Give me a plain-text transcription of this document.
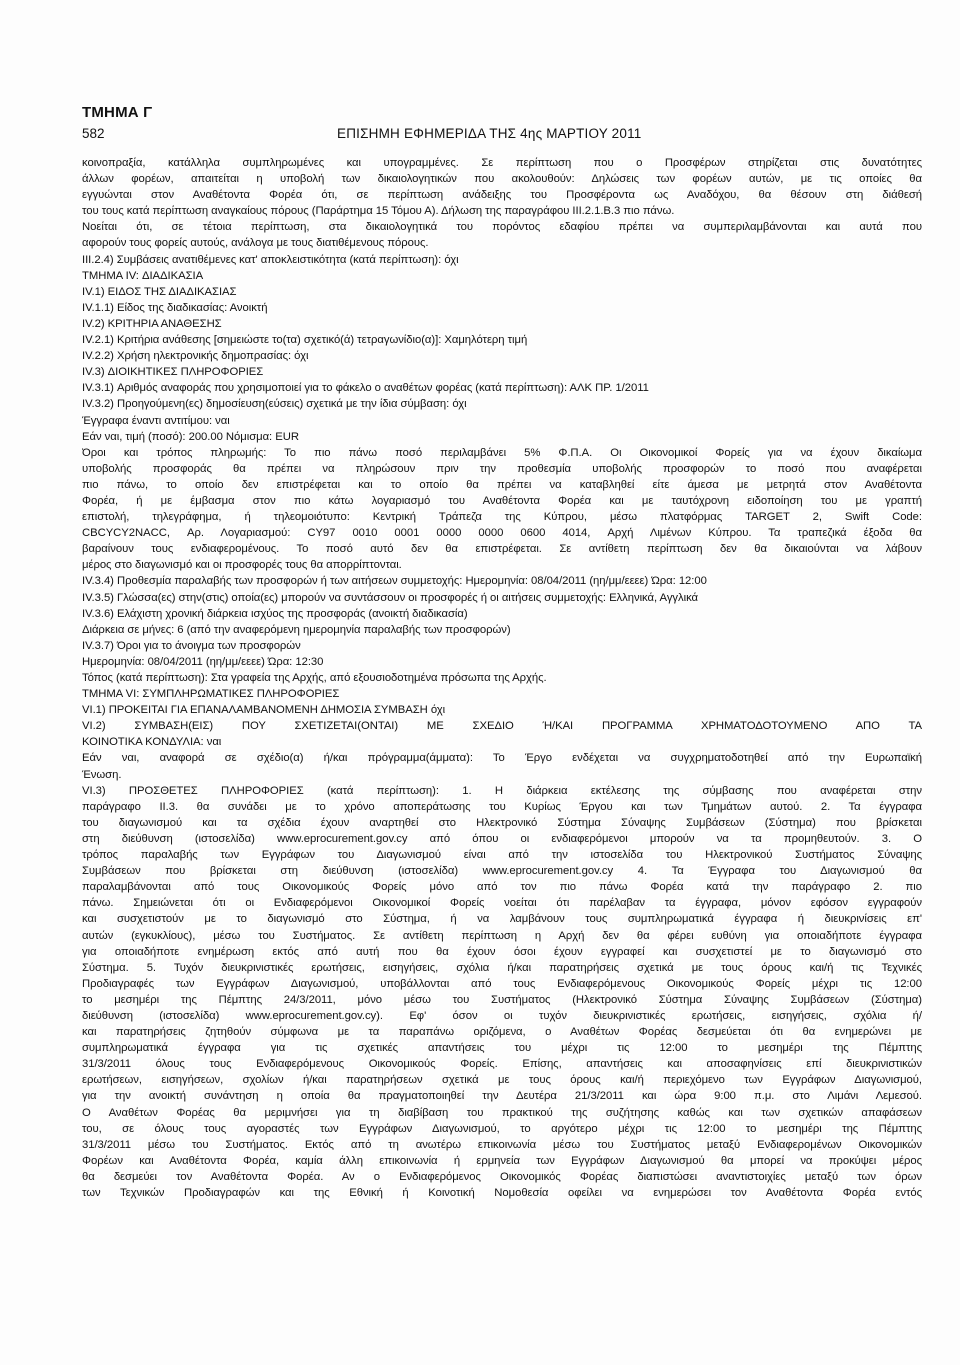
ΤΜΗΜΑ Γ
582	ΕΠΙΣΗΜΗ ΕΦΗΜΕΡΙΔΑ ΤΗΣ 4ης ΜΑΡΤΙΟΥ 2011
κοινοπραξία, κατάλληλα συμπληρωμένες και υπογραμμένες. Σε περίπτωση που ο Προσφέρων στηρίζεται στις δυνατότητες
άλλων φορέων, απαιτείται η υποβολή των δικαιολογητικών που ακολουθούν: Δηλώσεις των φορέων αυτών, με τις οποίες θα
εγγυώνται στον Αναθέτοντα Φορέα ότι, σε περίπτωση ανάδειξης του Προσφέροντα ως Αναδόχου, θα θέσουν στη διάθεσή
του τους κατά περίπτωση αναγκαίους πόρους (Παράρτημα 15 Τόμου Α). Δήλωση της παραγράφου ΙΙΙ.2.1.Β.3 πιο πάνω.
Νοείται ότι, σε τέτοια περίπτωση, στα δικαιολογητικά του πορόντος εδαφίου πρέπει να συμπεριλαμβάνονται και αυτά που
αφορούν τους φορείς αυτούς, ανάλογα με τους διατιθέμενους πόρους.
ΙΙΙ.2.4) Συμβάσεις ανατιθέμενες κατ' αποκλειστικότητα (κατά περίπτωση): όχι
ΤΜΗΜΑ IV: ΔΙΑΔΙΚΑΣΙΑ
IV.1) ΕΙΔΟΣ ΤΗΣ ΔΙΑΔΙΚΑΣΙΑΣ
IV.1.1) Είδος της διαδικασίας: Ανοικτή
IV.2) ΚΡΙΤΗΡΙΑ ΑΝΑΘΕΣΗΣ
IV.2.1) Κριτήρια ανάθεσης [σημειώστε το(τα) σχετικό(ά) τετραγωνίδιο(α)]: Χαμηλότερη τιμή
IV.2.2) Χρήση ηλεκτρονικής δημοπρασίας: όχι
IV.3) ΔΙΟΙΚΗΤΙΚΕΣ ΠΛΗΡΟΦΟΡΙΕΣ
IV.3.1) Αριθμός αναφοράς που χρησιμοποιεί για το φάκελο ο αναθέτων φορέας (κατά περίπτωση): ΑΛΚ ΠΡ. 1/2011
IV.3.2) Προηγούμενη(ες) δημοσίευση(εύσεις) σχετικά με την ίδια σύμβαση: όχι
Έγγραφα έναντι αντιτίμου: ναι
Εάν ναι, τιμή (ποσό): 200.00 Νόμισμα: EUR
Όροι και τρόπος πληρωμής: Το πιο πάνω ποσό περιλαμβάνει 5% Φ.Π.Α. Οι Οικονομικοί Φορείς για να έχουν δικαίωμα
υποβολής προσφοράς θα πρέπει να πληρώσουν πριν την προθεσμία υποβολής προσφορών το ποσό που αναφέρεται
πιο πάνω, το οποίο δεν επιστρέφεται και το οποίο θα πρέπει να καταβληθεί είτε άμεσα με μετρητά στον Αναθέτοντα
Φορέα, ή με έμβασμα στον πιο κάτω λογαριασμό του Αναθέτοντα Φορέα και με ταυτόχρονη ειδοποίηση του με γραπτή
επιστολή, τηλεγράφημα, ή τηλεομοιότυπο: Κεντρική Τράπεζα της Κύπρου, μέσω πλατφόρμας TARGET 2, Swift Code:
CBCYCY2NACC, Αρ. Λογαριασμού: CY97 0010 0001 0000 0000 0600 4014, Αρχή Λιμένων Κύπρου. Τα τραπεζικά έξοδα θα
βαραίνουν τους ενδιαφερομένους. Το ποσό αυτό δεν θα επιστρέφεται. Σε αντίθετη περίπτωση δεν θα δικαιούνται να λάβουν
μέρος στο διαγωνισμό και οι προσφορές τους θα απορρίπτονται.
IV.3.4) Προθεσμία παραλαβής των προσφορών ή των αιτήσεων συμμετοχής: Ημερομηνία: 08/04/2011 (ηη/μμ/εεεε) Ώρα: 12:00
IV.3.5) Γλώσσα(ες) στην(στις) οποία(ες) μπορούν να συντάσσουν οι προσφορές ή οι αιτήσεις συμμετοχής: Ελληνικά, Αγγλικά
IV.3.6) Ελάχιστη χρονική διάρκεια ισχύος της προσφοράς (ανοικτή διαδικασία)
Διάρκεια σε μήνες: 6 (από την αναφερόμενη ημερομηνία παραλαβής των προσφορών)
IV.3.7) Όροι για το άνοιγμα των προσφορών
Ημερομηνία: 08/04/2011 (ηη/μμ/εεεε) Ώρα: 12:30
Τόπος (κατά περίπτωση): Στα γραφεία της Αρχής, από εξουσιοδοτημένα πρόσωπα της Αρχής.
ΤΜΗΜΑ VI: ΣΥΜΠΛΗΡΩΜΑΤΙΚΕΣ ΠΛΗΡΟΦΟΡΙΕΣ
VI.1) ΠΡΟΚΕΙΤΑΙ ΓΙΑ ΕΠΑΝΑΛΑΜΒΑΝΟΜΕΝΗ ΔΗΜΟΣΙΑ ΣΥΜΒΑΣΗ όχι
VI.2) ΣΥΜΒΑΣΗ(ΕΙΣ) ΠΟΥ ΣΧΕΤΙΖΕΤΑΙ(ΟΝΤΑΙ) ΜΕ ΣΧΕΔΙΟ Ή/ΚΑΙ ΠΡΟΓΡΑΜΜΑ ΧΡΗΜΑΤΟΔΟΤΟΥΜΕΝΟ ΑΠΟ ΤΑ
ΚΟΙΝΟΤΙΚΑ ΚΟΝΔΥΛΙΑ: ναι
Εάν ναι, αναφορά σε σχέδιο(α) ή/και πρόγραμμα(άμματα): Το Έργο ενδέχεται να συγχρηματοδοτηθεί από την Ευρωπαϊκή
Ένωση.
VI.3) ΠΡΟΣΘΕΤΕΣ ΠΛΗΡΟΦΟΡΙΕΣ (κατά περίπτωση): 1. Η διάρκεια εκτέλεσης της σύμβασης που αναφέρεται στην
παράγραφο ΙΙ.3. θα συνάδει με το χρόνο αποπεράτωσης του Κυρίως Έργου και των Τμημάτων αυτού. 2. Τα έγγραφα
του διαγωνισμού και τα σχέδια έχουν αναρτηθεί στο Ηλεκτρονικό Σύστημα Σύναψης Συμβάσεων (Σύστημα) που βρίσκεται
στη διεύθυνση (ιστοσελίδα) www.eprocurement.gov.cy από όπου οι ενδιαφερόμενοι μπορούν να τα προμηθευτούν. 3. Ο
τρόπος παραλαβής των Εγγράφων του Διαγωνισμού είναι από την ιστοσελίδα του Ηλεκτρονικού Συστήματος Σύναψης
Συμβάσεων που βρίσκεται στη διεύθυνση (ιστοσελίδα) www.eprocurement.gov.cy 4. Τα Έγγραφα του Διαγωνισμού θα
παραλαμβάνονται από τους Οικονομικούς Φορείς μόνο από τον πιο πάνω Φορέα κατά την παράγραφο 2. πιο
πάνω. Σημειώνεται ότι οι Ενδιαφερόμενοι Οικονομικοί Φορείς νοείται ότι παρέλαβαν τα έγγραφα, μόνον εφόσον εγγραφούν
και συσχετιστούν με το διαγωνισμό στο Σύστημα, ή να λαμβάνουν τους συμπληρωματικά έγγραφα ή διευκρινίσεις επ'
αυτών (εγκυκλίους), μέσω του Συστήματος. Σε αντίθετη περίπτωση η Αρχή δεν θα φέρει ευθύνη για οποιαδήποτε έγγραφα
για οποιαδήποτε ενημέρωση εκτός από αυτή που θα έχουν όσοι έχουν εγγραφεί και συσχετιστεί με το διαγωνισμό στο
Σύστημα. 5. Τυχόν διευκρινιστικές ερωτήσεις, εισηγήσεις, σχόλια ή/και παρατηρήσεις σχετικά με τους όρους και/ή τις Τεχνικές
Προδιαγραφές των Εγγράφων Διαγωνισμού, υποβάλλονται από τους Ενδιαφερόμενους Οικονομικούς Φορείς μέχρι τις 12:00
το μεσημέρι της Πέμπτης 24/3/2011, μόνο μέσω του Συστήματος (Ηλεκτρονικό Σύστημα Σύναψης Συμβάσεων (Σύστημα)
διεύθυνση (ιστοσελίδα) www.eprocurement.gov.cy). Εφ' όσον οι τυχόν διευκρινιστικές ερωτήσεις, εισηγήσεις, σχόλια ή/
και παρατηρήσεις ζητηθούν σύμφωνα με τα παραπάνω οριζόμενα, ο Αναθέτων Φορέας δεσμεύεται ότι θα ενημερώνει με
συμπληρωματικά έγγραφα για τις σχετικές απαντήσεις του μέχρι τις 12:00 το μεσημέρι της Πέμπτης
31/3/2011 όλους τους Ενδιαφερόμενους Οικονομικούς Φορείς. Επίσης, απαντήσεις και αποσαφηνίσεις επί διευκρινιστικών
ερωτήσεων, εισηγήσεων, σχολίων ή/και παρατηρήσεων σχετικά με τους όρους και/ή περιεχόμενο των Εγγράφων Διαγωνισμού,
για την ανοικτή συνάντηση η οποία θα πραγματοποιηθεί την Δευτέρα 21/3/2011 και ώρα 9:00 π.μ. στο Λιμάνι Λεμεσού.
Ο Αναθέτων Φορέας θα μεριμνήσει για τη διαβίβαση του πρακτικού της συζήτησης καθώς και των σχετικών απαφάσεων
του, σε όλους τους αγοραστές των Εγγράφων Διαγωνισμού, το αργότερο μέχρι τις 12:00 το μεσημέρι της Πέμπτης
31/3/2011 μέσω του Συστήματος. Εκτός από τη ανωτέρω επικοινωνία μέσω του Συστήματος μεταξύ Ενδιαφερομένων Οικονομικών
Φορέων και Αναθέτοντα Φορέα, καμία άλλη επικοινωνία ή ερμηνεία των Εγγράφων Διαγωνισμού θα μπορεί να προκύψει μέρος
θα δεσμεύει τον Αναθέτοντα Φορέα. Αν ο Ενδιαφερόμενος Οικονομικός Φορέας διαπιστώσει αναντιστοιχίες μεταξύ των όρων
των Τεχνικών Προδιαγραφών και της Εθνική ή Κοινοτική Νομοθεσία οφείλει να ενημερώσει τον Αναθέτοντα Φορέα εντός
